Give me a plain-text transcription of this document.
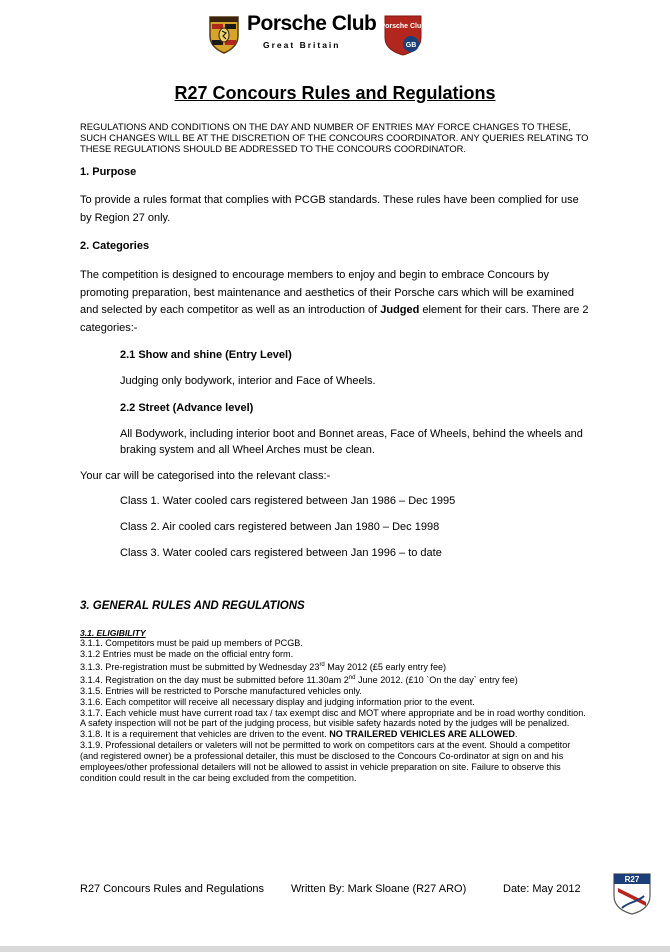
Porsche Club
Great Britain
Porsche Club
GB
R27 Concours Rules and Regulations

REGULATIONS AND CONDITIONS ON THE DAY AND NUMBER OF ENTRIES MAY FORCE CHANGES TO THESE, SUCH CHANGES WILL BE AT THE DISCRETION OF THE CONCOURS COORDINATOR. ANY QUERIES RELATING TO THESE REGULATIONS SHOULD BE ADDRESSED TO THE CONCOURS COORDINATOR.

1. Purpose

To provide a rules format that complies with PCGB standards. These rules have been complied for use by Region 27 only.

2. Categories

The competition is designed to encourage members to enjoy and begin to embrace Concours by promoting preparation, best maintenance and aesthetics of their Porsche cars which will be examined and selected by each competitor as well as an introduction of Judged element for their cars. There are 2 categories:-

2.1 Show and shine (Entry Level)

Judging only bodywork, interior and Face of Wheels.

2.2 Street (Advance level)

All Bodywork, including interior boot and Bonnet areas, Face of Wheels, behind the wheels and braking system and all Wheel Arches must be clean.

Your car will be categorised into the relevant class:-

Class 1. Water cooled cars registered between Jan 1986 – Dec 1995

Class 2. Air cooled cars registered between Jan 1980 – Dec 1998

Class 3. Water cooled cars registered between Jan 1996 – to date

3. GENERAL RULES AND REGULATIONS

3.1. ELIGIBILITY

3.1.1. Competitors must be paid up members of PCGB.
3.1.2 Entries must be made on the official entry form.
3.1.3. Pre-registration must be submitted by Wednesday 23rd May 2012 (£5 early entry fee)
3.1.4. Registration on the day must be submitted before 11.30am 2nd June 2012. (£10 `On the day` entry fee)
3.1.5. Entries will be restricted to Porsche manufactured vehicles only.
3.1.6. Each competitor will receive all necessary display and judging information prior to the event.
3.1.7. Each vehicle must have current road tax / tax exempt disc and MOT where appropriate and be in road worthy condition. A safety inspection will not be part of the judging process, but visible safety hazards noted by the judges will be penalized.
3.1.8. It is a requirement that vehicles are driven to the event. NO TRAILERED VEHICLES ARE ALLOWED.
3.1.9. Professional detailers or valeters will not be permitted to work on competitors cars at the event. Should a competitor (and registered owner) be a professional detailer, this must be disclosed to the Concours Co-ordinator at sign on and his employees/other professional detailers will not be allowed to assist in vehicle preparation on site. Failure to observe this condition could result in the car being excluded from the competition.

R27 Concours Rules and Regulations Written By: Mark Sloane (R27 ARO)	Date: May 2012

R27
